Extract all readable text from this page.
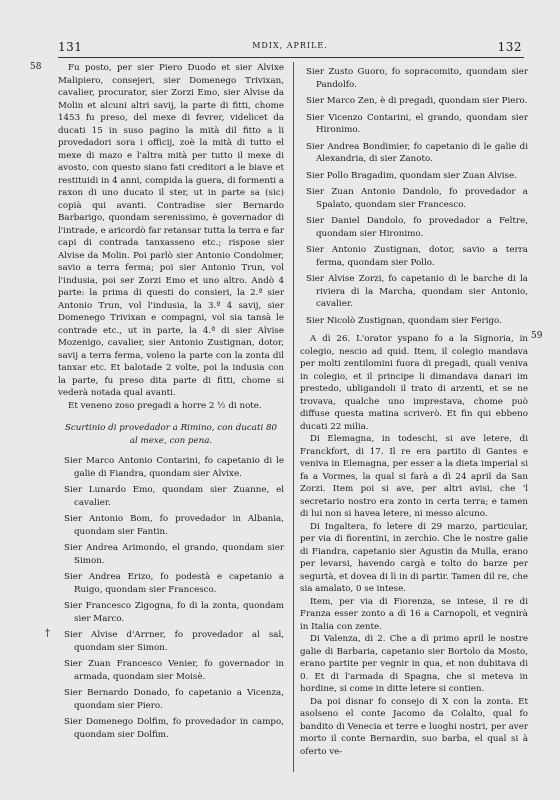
131	MDIX, APRILE.	132
58
59
†

Fu posto, per sier Piero Duodo et sier Alvixe Malipiero, consejeri, sier Domenego Trivixan, cavalier, procurator, sier Zorzi Emo, sier Alvise da Molin et alcuni altri savij, la parte di fitti, chome 1453 fu preso, del mexe di fevrer, videlicet da ducati 15 in suso pagino la mità dil fitto a li provedadori sora i officij, zoè la mità di tutto el mexe di mazo e l'altra mità per tutto il mexe di avosto, con questo siano fati creditori a le biave et restituidi in 4 anni, compida la guera, di formenti a raxon di uno ducato il ster, ut in parte sa (sic) copià qui avanti. Contradise sier Bernardo Barbarigo, quondam serenissimo, è governador di l'intrade, e aricordò far retansar tutta la terra e far capi di contrada tanxasseno etc.; rispose sier Alvise da Molin. Poi parlò sier Antonio Condolmer, savio a terra ferma; poi sier Antonio Trun, vol l'indusia, poi ser Zorzi Emo et uno altro. Andò 4 parte: la prima di questi do consieri, la 2.ª sier Antonio Trun, vol l'indusia, la 3.ª 4 savij, sier Domenego Trivixan e compagni, vol sia tansà le contrade etc., ut in parte, la 4.ª di sier Alvise Mozenigo, cavalier, sier Antonio Zustignan, dotor, savij a terra ferma, voleno la parte con la zonta dil tanxar etc. Et balotade 2 volte, poi la indusia con la parte, fu preso dita parte di fitti, chome si vederà notada qual avanti.

Et veneno zoso pregadi a horre 2 ½ di note.

Scurtinio di provedador a Rimino, con ducati 80 al mexe, con pena.

Sier Marco Antonio Contarini, fo capetanio di le galie di Fiandra, quondam sier Alvixe.

Sier Lunardo Emo, quondam sier Zuanne, el cavalier.

Sier Antonio Bom, fo provedador in Albania, quondam sier Fantin.

Sier Andrea Arimondo, el grando, quondam sier Simon.

Sier Andrea Erizo, fo podestà e capetanio a Ruigo, quondam sier Francesco.

Sier Francesco Zigogna, fo di la zonta, quondam sier Marco.

Sier Alvise d'Arrner, fo provedador al sal, quondam sier Simon.

Sier Zuan Francesco Venier, fo governador in armada, quondam sier Moisè.

Sier Bernardo Donado, fo capetanio a Vicenza, quondam sier Piero.

Sier Domenego Dolfim, fo provedador in campo, quondam sier Dolfim.

Sier Zusto Guoro, fo sopracomito, quondam sier Pandolfo.

Sier Marco Zen, è di pregadi, quondam sier Piero.

Sier Vicenzo Contarini, el grando, quondam sier Hironimo.

Sier Andrea Bondimier, fo capetanio di le galie di Alexandria, di sier Zanoto.

Sier Pollo Bragadim, quondam sier Zuan Alvise.

Sier Zuan Antonio Dandolo, fo provedador a Spalato, quondam sier Francesco.

Sier Daniel Dandolo, fo provedador a Feltre, quondam sier Hironimo.

Sier Antonio Zustignan, dotor, savio a terra ferma, quondam sier Pollo.

Sier Alvise Zorzi, fo capetanio di le barche di la riviera di la Marcha, quondam sier Antonio, cavalier.

Sier Nicolò Zustignan, quondam sier Ferigo.

A dì 26. L'orator yspano fo a la Signoria, in colegio, nescio ad quid. Item, il colegio mandava per molti zentilomini fuora di pregadi, quali veniva in colegio, et il principe li dimandava danari im prestedo, ubligandoli il trato di arzenti, et se ne trovava, qualche uno imprestava, chome può diffuse questa matina scriverò. Et fin qui ebbeno ducati 22 milia.

Di Elemagna, in todeschi, si ave letere, di Franckfort, di 17. Il re era partito di Gantes e veniva in Elemagna, per esser a la dieta imperial si fa a Vormes, la qual si farà a dì 24 april da San Zorzi. Item poi si ave, per altri avisi, che 'l secretario nostro era zonto in certa terra; e tamen di lui non si havea letere, ni messo alcuno.

Di Ingaltera, fo letere di 29 marzo, particular, per via di fiorentini, in zerchio. Che le nostre galie di Fiandra, capetanio sier Agustin da Mulla, erano per levarsi, havendo cargà e tolto do barze per segurtà, et dovea di lì in di partir. Tamen dil re, che sia amalato, 0 se intese.

Item, per via di Fiorenza, se intese, il re di Franza esser zonto a dì 16 a Carnopoli, et vegnirà in Italia con zente.

Di Valenza, di 2. Che a dì primo april le nostre galie di Barbaria, capetanio sier Bortolo da Mosto, erano partite per vegnir in qua, et non dubitava di 0. Et di l'armada di Spagna, che si meteva in hordine, si come in ditte letere si contien.

Da poi disnar fo consejo di X con la zonta. Et asolseno el conte Jacomo da Colalto, qual fo bandito di Venecia et terre e luoghi nostri, per aver morto il conte Bernardin, suo barba, el qual si à oferto ve-
